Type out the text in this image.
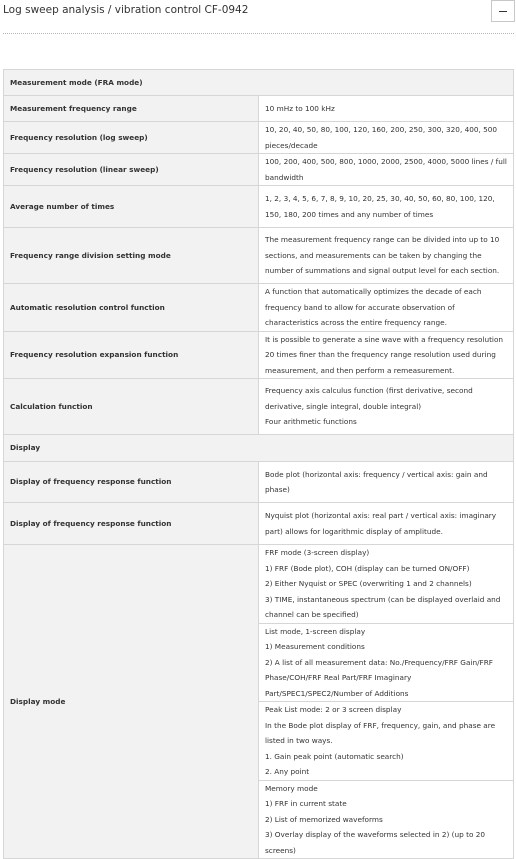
Log sweep analysis / vibration control CF-0942
Measurement mode (FRA mode)	
Measurement frequency range	10 mHz to 100 kHz
Frequency resolution (log sweep)	10, 20, 40, 50, 80, 100, 120, 160, 200, 250, 300, 320, 400, 500 pieces/decade
Frequency resolution (linear sweep)	100, 200, 400, 500, 800, 1000, 2000, 2500, 4000, 5000 lines / full bandwidth
Average number of times	1, 2, 3, 4, 5, 6, 7, 8, 9, 10, 20, 25, 30, 40, 50, 60, 80, 100, 120, 150, 180, 200 times and any number of times
Frequency range division setting mode	The measurement frequency range can be divided into up to 10 sections, and measurements can be taken by changing the number of summations and signal output level for each section.
Automatic resolution control function	A function that automatically optimizes the decade of each frequency band to allow for accurate observation of characteristics across the entire frequency range.
Frequency resolution expansion function	It is possible to generate a sine wave with a frequency resolution 20 times finer than the frequency range resolution used during measurement, and then perform a remeasurement.
Calculation function	Frequency axis calculus function (first derivative, second derivative, single integral, double integral)
Four arithmetic functions

Display	
Display of frequency response function	Bode plot (horizontal axis: frequency / vertical axis: gain and phase)
Display of frequency response function	Nyquist plot (horizontal axis: real part / vertical axis: imaginary part) allows for logarithmic display of amplitude.
Display mode	FRF mode (3-screen display)
1) FRF (Bode plot), COH (display can be turned ON/OFF)
2) Either Nyquist or SPEC (overwriting 1 and 2 channels)
3) TIME, instantaneous spectrum (can be displayed overlaid and channel can be specified)

	List mode, 1-screen display
1) Measurement conditions
2) A list of all measurement data: No./Frequency/FRF Gain/FRF Phase/COH/FRF Real Part/FRF Imaginary Part/SPEC1/SPEC2/Number of Additions

	Peak List mode: 2 or 3 screen display
In the Bode plot display of FRF, frequency, gain, and phase are listed in two ways.
1. Gain peak point (automatic search)
2. Any point

	Memory mode
1) FRF in current state
2) List of memorized waveforms
3) Overlay display of the waveforms selected in 2) (up to 20 screens)
